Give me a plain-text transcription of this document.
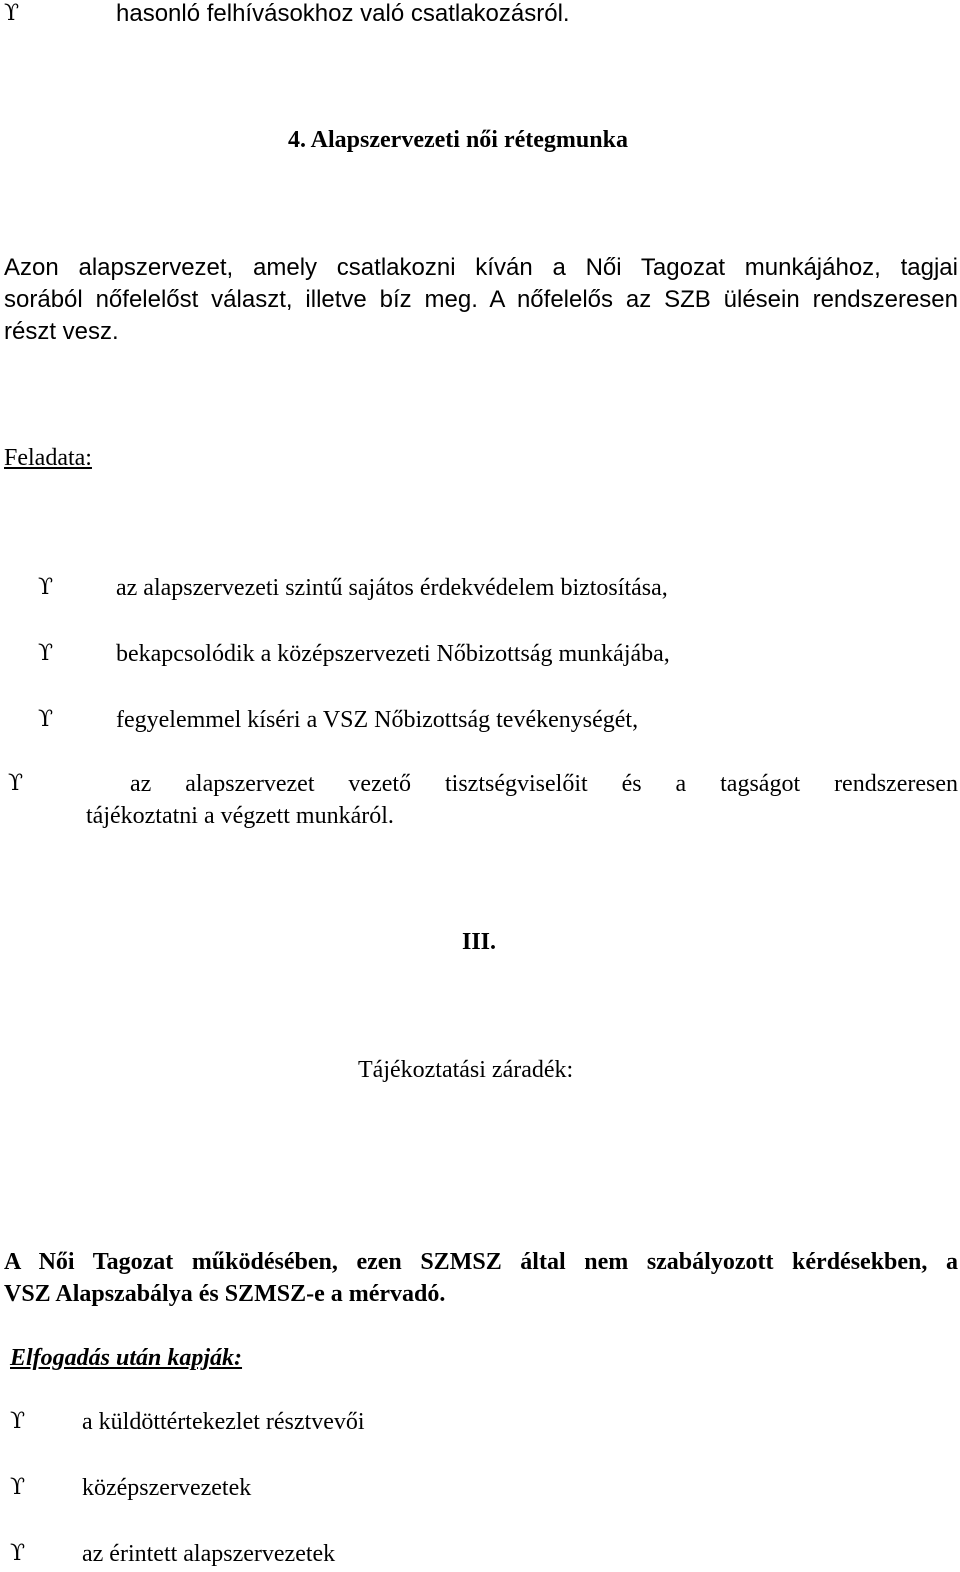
ϒ	hasonló felhívásokhoz való csatlakozásról.
4. Alapszervezeti női rétegmunka
Azon alapszervezet, amely csatlakozni kíván a Női Tagozat munkájához, tagjai
sorából nőfelelőst választ, illetve bíz meg. A nőfelelős az SZB ülésein rendszeresen
részt vesz.
Feladata:
ϒ	az alapszervezeti szintű sajátos érdekvédelem biztosítása,
ϒ	bekapcsolódik a középszervezeti Nőbizottság munkájába,
ϒ	fegyelemmel kíséri a VSZ Nőbizottság tevékenységét,
ϒ	az alapszervezet vezető tisztségviselőit és a tagságot rendszeresen
tájékoztatni a végzett munkáról.
III.
Tájékoztatási záradék:
A Női Tagozat működésében, ezen SZMSZ által nem szabályozott kérdésekben, a
VSZ Alapszabálya és SZMSZ-e a mérvadó.
Elfogadás után kapják:
ϒ a küldöttértekezlet résztvevői
ϒ középszervezetek
ϒ az érintett alapszervezetek
